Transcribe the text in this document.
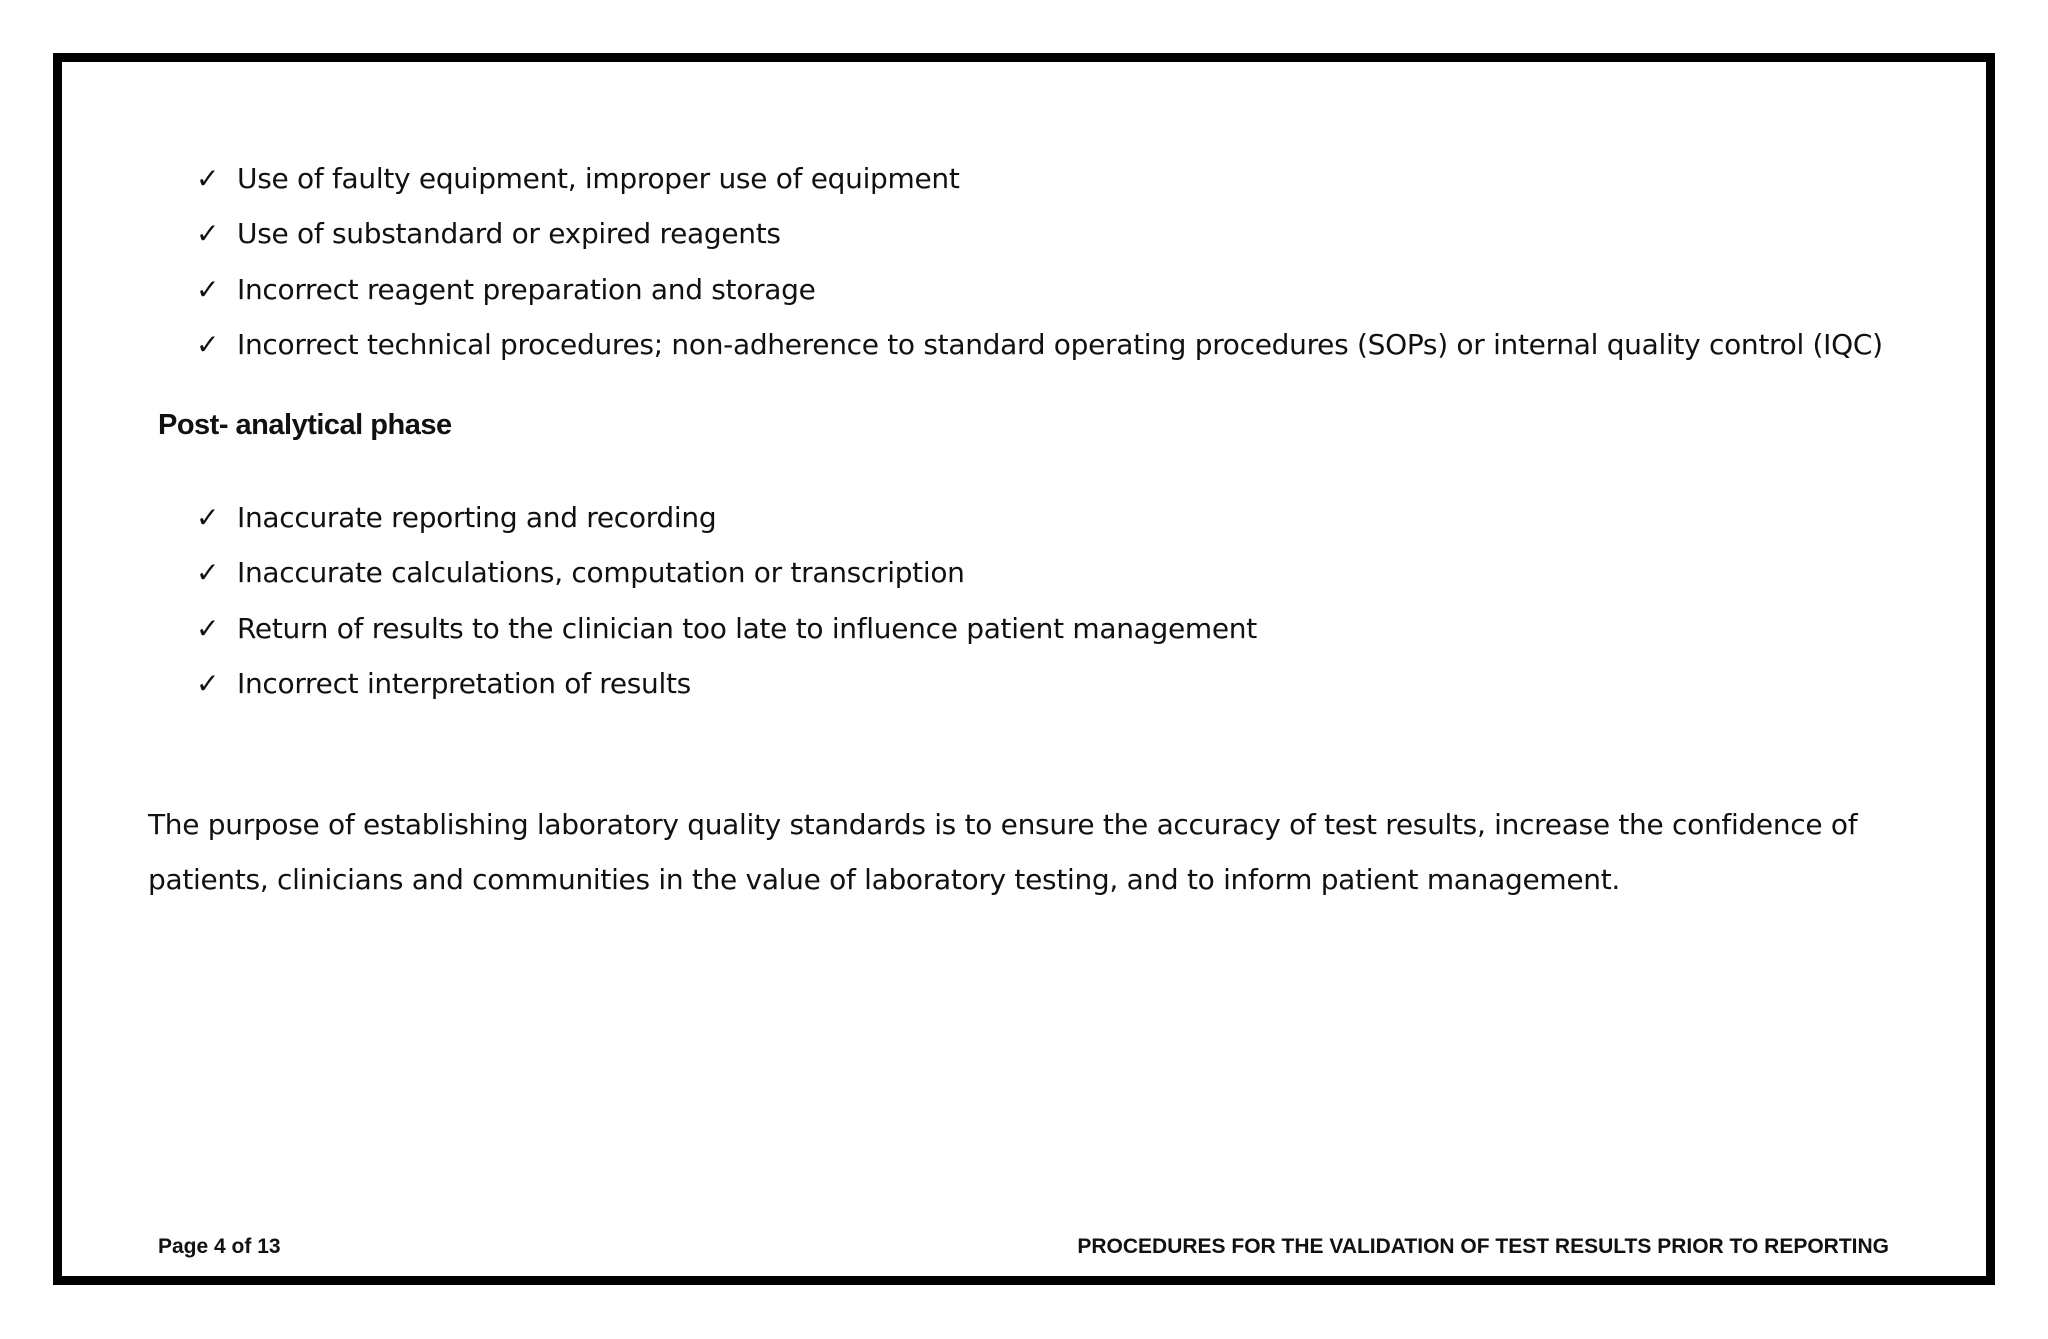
✓ Use of faulty equipment, improper use of equipment
✓ Use of substandard or expired reagents
✓ Incorrect reagent preparation and storage
✓ Incorrect technical procedures; non-adherence to standard operating procedures (SOPs) or internal quality control (IQC)
Post- analytical phase
✓ Inaccurate reporting and recording
✓ Inaccurate calculations, computation or transcription
✓ Return of results to the clinician too late to influence patient management
✓ Incorrect interpretation of results

The purpose of establishing laboratory quality standards is to ensure the accuracy of test results, increase the confidence of patients, clinicians and communities in the value of laboratory testing, and to inform patient management.

Page 4 of 13	PROCEDURES FOR THE VALIDATION OF TEST RESULTS PRIOR TO REPORTING
